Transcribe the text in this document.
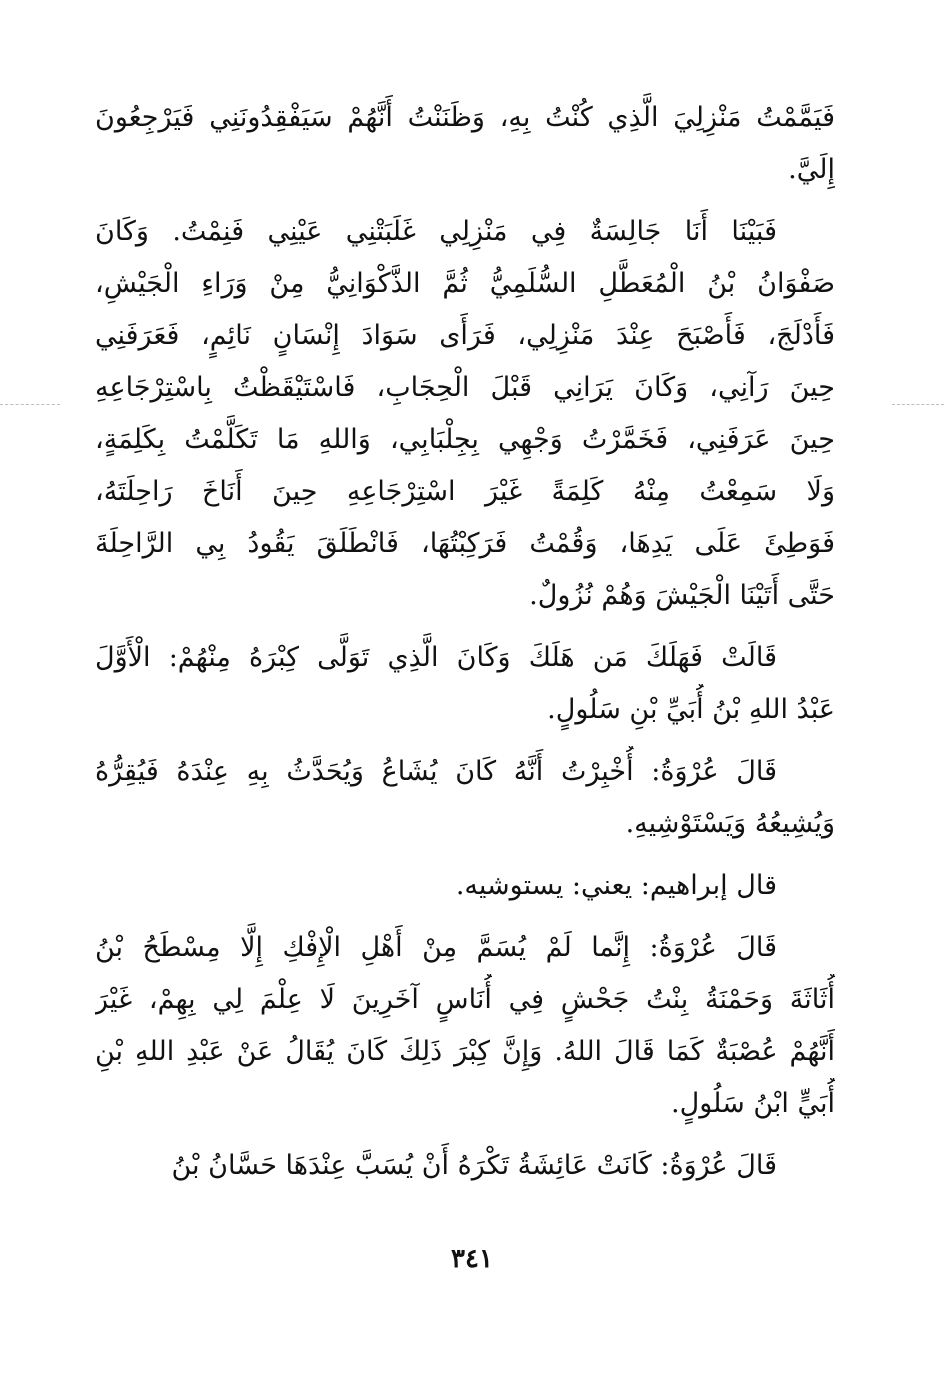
فَيَمَّمْتُ مَنْزِلِيَ الَّذِي كُنْتُ بِهِ، وَظَنَنْتُ أَنَّهُمْ سَيَفْقِدُونَنِي فَيَرْجِعُونَ
إِلَيَّ.
فَبَيْنَا أَنَا جَالِسَةٌ فِي مَنْزِلِي غَلَبَتْنِي عَيْنِي فَنِمْتُ. وَكَانَ
صَفْوَانُ بْنُ الْمُعَطَّلِ السُّلَمِيُّ ثُمَّ الذَّكْوَانِيُّ مِنْ وَرَاءِ الْجَيْشِ،
فَأَدْلَجَ، فَأَصْبَحَ عِنْدَ مَنْزِلِي، فَرَأَى سَوَادَ إِنْسَانٍ نَائِمٍ، فَعَرَفَنِي
حِينَ رَآنِي، وَكَانَ يَرَانِي قَبْلَ الْحِجَابِ، فَاسْتَيْقَظْتُ بِاسْتِرْجَاعِهِ
حِينَ عَرَفَنِي، فَخَمَّرْتُ وَجْهِي بِجِلْبَابِي، وَاللهِ مَا تَكَلَّمْتُ بِكَلِمَةٍ،
وَلَا سَمِعْتُ مِنْهُ كَلِمَةً غَيْرَ اسْتِرْجَاعِهِ حِينَ أَنَاخَ رَاحِلَتَهُ،
فَوَطِئَ عَلَى يَدِهَا، وَقُمْتُ فَرَكِبْتُهَا، فَانْطَلَقَ يَقُودُ بِي الرَّاحِلَةَ
حَتَّى أَتَيْنَا الْجَيْشَ وَهُمْ نُزُولٌ.
قَالَتْ فَهَلَكَ مَن هَلَكَ وَكَانَ الَّذِي تَوَلَّى كِبْرَهُ مِنْهُمْ: الْأَوَّلَ
عَبْدُ اللهِ بْنُ أُبَيِّ بْنِ سَلُولٍ.
قَالَ عُرْوَةُ: أُخْبِرْتُ أَنَّهُ كَانَ يُشَاعُ وَيُحَدَّثُ بِهِ عِنْدَهُ فَيُقِرُّهُ
وَيُشِيعُهُ وَيَسْتَوْشِيهِ.
قال إبراهيم: يعني: يستوشيه.
قَالَ عُرْوَةُ: إِنَّما لَمْ يُسَمَّ مِنْ أَهْلِ الْإِفْكِ إِلَّا مِسْطَحُ بْنُ
أُثَاثَةَ وَحَمْنَةُ بِنْتُ جَحْشٍ فِي أُنَاسٍ آخَرِينَ لَا عِلْمَ لِي بِهِمْ، غَيْرَ
أَنَّهُمْ عُصْبَةٌ كَمَا قَالَ اللهُ. وَإِنَّ كِبْرَ ذَلِكَ كَانَ يُقَالُ عَنْ عَبْدِ اللهِ بْنِ
أُبَيٍّ ابْنُ سَلُولٍ.
قَالَ عُرْوَةُ: كَانَتْ عَائِشَةُ تَكْرَهُ أَنْ يُسَبَّ عِنْدَهَا حَسَّانُ بْنُ
٣٤١
